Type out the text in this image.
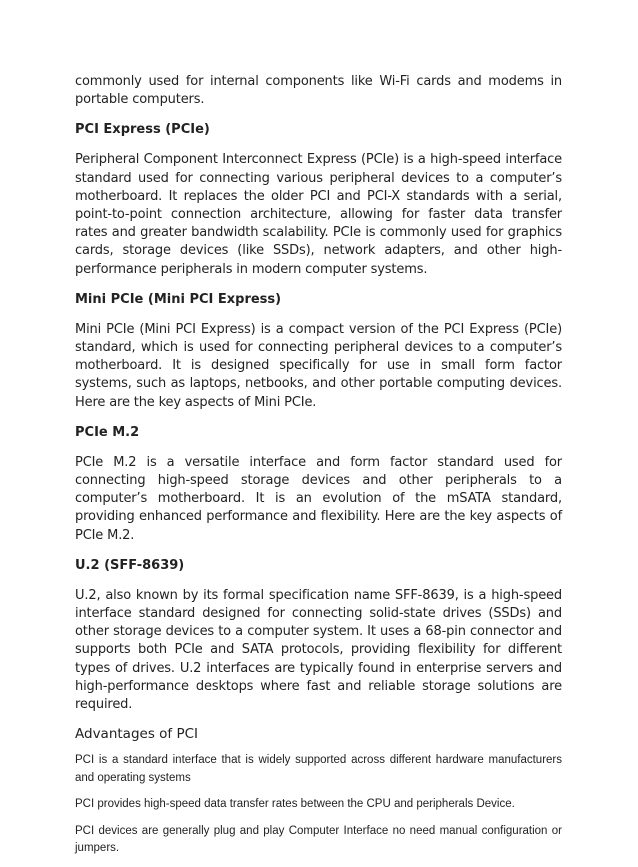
commonly used for internal components like Wi-Fi cards and modems in portable computers.

PCI Express (PCIe)

Peripheral Component Interconnect Express (PCIe) is a high-speed interface standard used for connecting various peripheral devices to a computer’s motherboard. It replaces the older PCI and PCI-X standards with a serial, point-to-point connection architecture, allowing for faster data transfer rates and greater bandwidth scalability. PCIe is commonly used for graphics cards, storage devices (like SSDs), network adapters, and other high-performance peripherals in modern computer systems.

Mini PCIe (Mini PCI Express)

Mini PCIe (Mini PCI Express) is a compact version of the PCI Express (PCIe) standard, which is used for connecting peripheral devices to a computer’s motherboard. It is designed specifically for use in small form factor systems, such as laptops, netbooks, and other portable computing devices. Here are the key aspects of Mini PCIe.

PCIe M.2

PCIe M.2 is a versatile interface and form factor standard used for connecting high-speed storage devices and other peripherals to a computer’s motherboard. It is an evolution of the mSATA standard, providing enhanced performance and flexibility. Here are the key aspects of PCIe M.2.

U.2 (SFF-8639)

U.2, also known by its formal specification name SFF-8639, is a high-speed interface standard designed for connecting solid-state drives (SSDs) and other storage devices to a computer system. It uses a 68-pin connector and supports both PCIe and SATA protocols, providing flexibility for different types of drives. U.2 interfaces are typically found in enterprise servers and high-performance desktops where fast and reliable storage solutions are required.

Advantages of PCI

PCI is a standard interface that is widely supported across different hardware manufacturers and operating systems

PCI provides high-speed data transfer rates between the CPU and peripherals Device.

PCI devices are generally plug and play Computer Interface no need manual configuration or jumpers.
